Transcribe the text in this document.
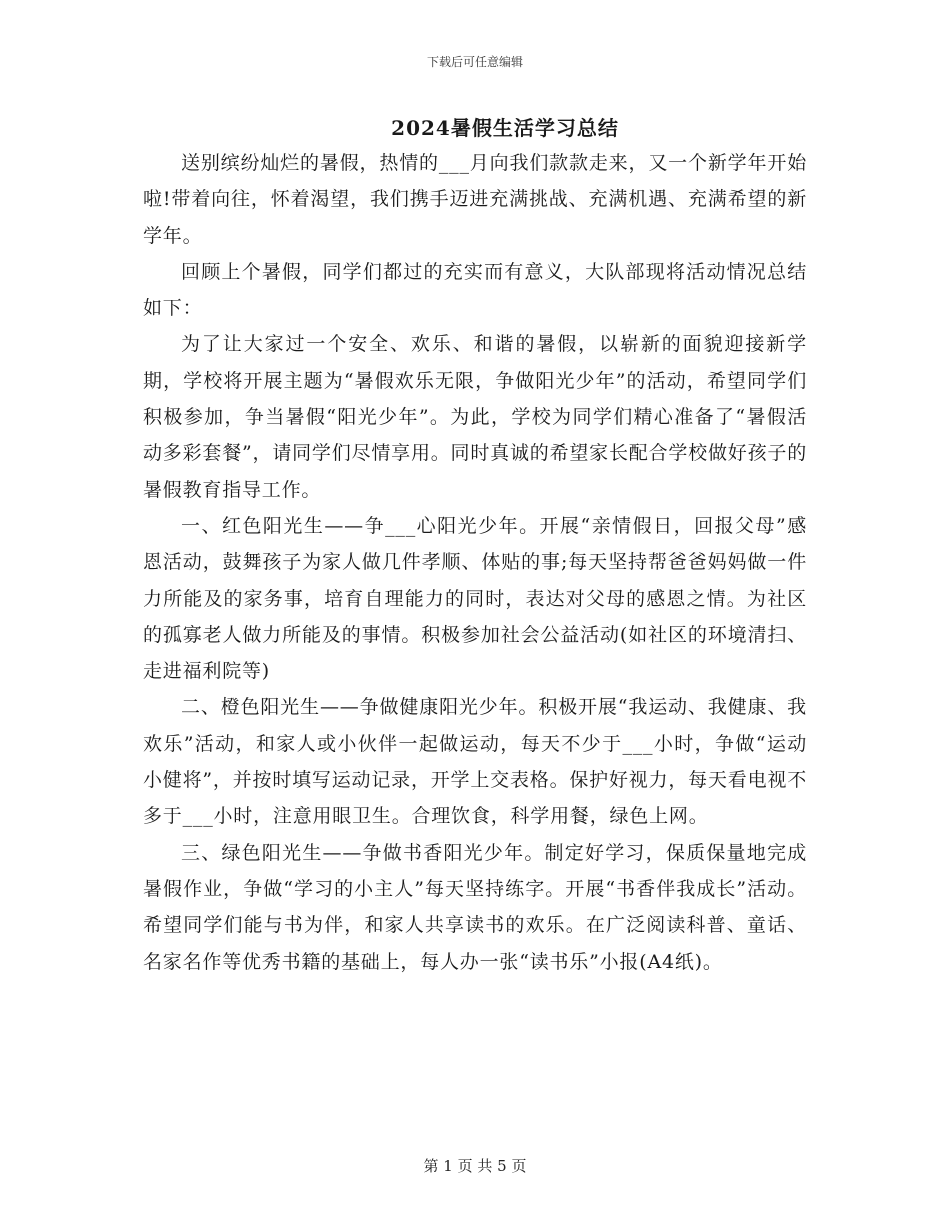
下载后可任意编辑
2024暑假生活学习总结

送别缤纷灿烂的暑假，热情的___月向我们款款走来，又一个新学年开始啦!带着向往，怀着渴望，我们携手迈进充满挑战、充满机遇、充满希望的新学年。

回顾上个暑假，同学们都过的充实而有意义，大队部现将活动情况总结如下：

为了让大家过一个安全、欢乐、和谐的暑假，以崭新的面貌迎接新学期，学校将开展主题为“暑假欢乐无限，争做阳光少年”的活动，希望同学们积极参加，争当暑假“阳光少年”。为此，学校为同学们精心准备了“暑假活动多彩套餐”，请同学们尽情享用。同时真诚的希望家长配合学校做好孩子的暑假教育指导工作。

一、红色阳光生——争___心阳光少年。开展“亲情假日，回报父母”感恩活动，鼓舞孩子为家人做几件孝顺、体贴的事;每天坚持帮爸爸妈妈做一件力所能及的家务事，培育自理能力的同时，表达对父母的感恩之情。为社区的孤寡老人做力所能及的事情。积极参加社会公益活动(如社区的环境清扫、走进福利院等)

二、橙色阳光生——争做健康阳光少年。积极开展“我运动、我健康、我欢乐”活动，和家人或小伙伴一起做运动，每天不少于___小时，争做“运动小健将”，并按时填写运动记录，开学上交表格。保护好视力，每天看电视不多于___小时，注意用眼卫生。合理饮食，科学用餐，绿色上网。

三、绿色阳光生——争做书香阳光少年。制定好学习，保质保量地完成暑假作业，争做“学习的小主人”每天坚持练字。开展“书香伴我成长”活动。希望同学们能与书为伴，和家人共享读书的欢乐。在广泛阅读科普、童话、名家名作等优秀书籍的基础上，每人办一张“读书乐”小报(A4纸)。

第 1 页 共 5 页
